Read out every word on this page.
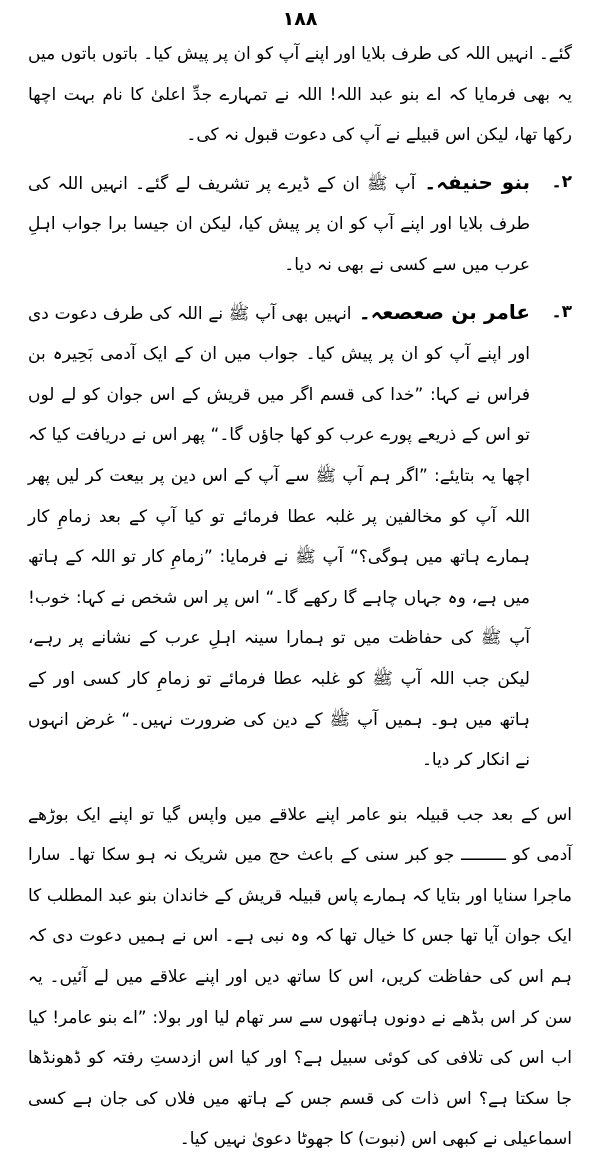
۱۸۸

گئے۔ انہیں اللہ کی طرف بلایا اور اپنے آپ کو ان پر پیش کیا۔ باتوں باتوں میں یہ بھی فرمایا کہ اے بنو عبد اللہ! اللہ نے تمہارے جدِّ اعلیٰ کا نام بہت اچھا رکھا تھا، لیکن اس قبیلے نے آپ کی دعوت قبول نہ کی۔

۲۔
بنو حنیفہ۔آپ ﷺ ان کے ڈیرے پر تشریف لے گئے۔ انہیں اللہ کی طرف بلایا اور اپنے آپ کو ان پر پیش کیا، لیکن ان جیسا برا جواب اہلِ عرب میں سے کسی نے بھی نہ دیا۔
۳۔
عامر بن صعصعہ۔انہیں بھی آپ ﷺ نے اللہ کی طرف دعوت دی اور اپنے آپ کو ان پر پیش کیا۔ جواب میں ان کے ایک آدمی بَحِیرہ بن فراس نے کہا: ”خدا کی قسم اگر میں قریش کے اس جوان کو لے لوں تو اس کے ذریعے پورے عرب کو کھا جاؤں گا۔“ پھر اس نے دریافت کیا کہ اچھا یہ بتایئے: ”اگر ہم آپ ﷺ سے آپ کے اس دین پر بیعت کر لیں پھر اللہ آپ کو مخالفین پر غلبہ عطا فرمائے تو کیا آپ کے بعد زمامِ کار ہمارے ہاتھ میں ہوگی؟“ آپ ﷺ نے فرمایا: ”زمامِ کار تو اللہ کے ہاتھ میں ہے، وہ جہاں چاہے گا رکھے گا۔“ اس پر اس شخص نے کہا: خوب! آپ ﷺ کی حفاظت میں تو ہمارا سینہ اہلِ عرب کے نشانے پر رہے، لیکن جب اللہ آپ ﷺ کو غلبہ عطا فرمائے تو زمامِ کار کسی اور کے ہاتھ میں ہو۔ ہمیں آپ ﷺ کے دین کی ضرورت نہیں۔“ غرض انہوں نے انکار کر دیا۔

اس کے بعد جب قبیلہ بنو عامر اپنے علاقے میں واپس گیا تو اپنے ایک بوڑھے آدمی کو ـــــــــ جو کبر سنی کے باعث حج میں شریک نہ ہو سکا تھا۔ سارا ماجرا سنایا اور بتایا کہ ہمارے پاس قبیلہ قریش کے خاندان بنو عبد المطلب کا ایک جوان آیا تھا جس کا خیال تھا کہ وہ نبی ہے۔ اس نے ہمیں دعوت دی کہ ہم اس کی حفاظت کریں، اس کا ساتھ دیں اور اپنے علاقے میں لے آئیں۔ یہ سن کر اس بڈھے نے دونوں ہاتھوں سے سر تھام لیا اور بولا: ”اے بنو عامر! کیا اب اس کی تلافی کی کوئی سبیل ہے؟ اور کیا اس ازدستِ رفتہ کو ڈھونڈھا جا سکتا ہے؟ اس ذات کی قسم جس کے ہاتھ میں فلاں کی جان ہے کسی اسماعیلی نے کبھی اس (نبوت) کا جھوٹا دعویٰ نہیں کیا۔
